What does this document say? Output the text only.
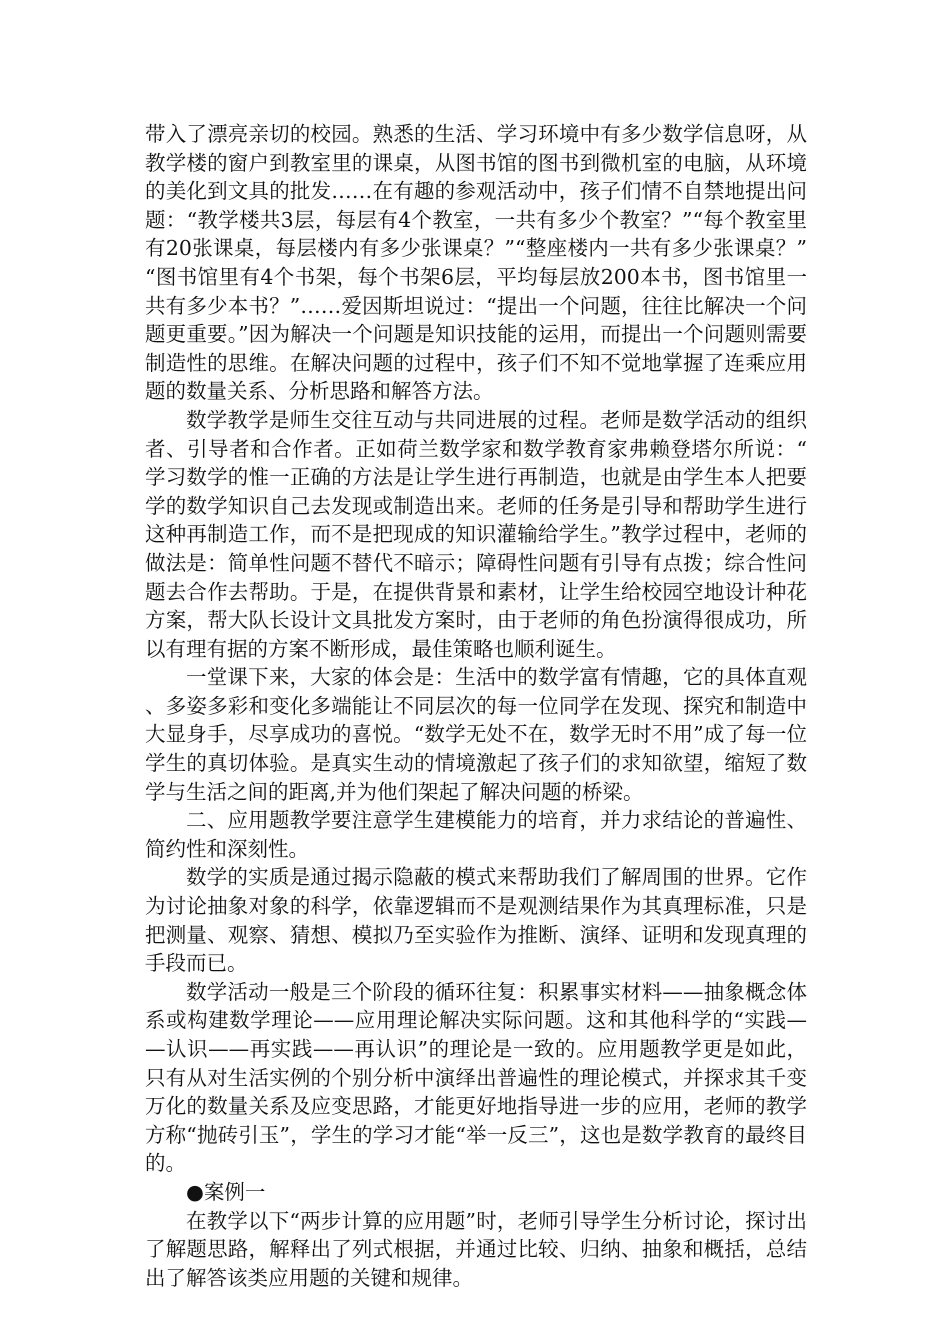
带入了漂亮亲切的校园。熟悉的生活、学习环境中有多少数学信息呀，从教学楼的窗户到教室里的课桌，从图书馆的图书到微机室的电脑，从环境的美化到文具的批发……在有趣的参观活动中，孩子们情不自禁地提出问题：“教学楼共3层，每层有4个教室，一共有多少个教室？”“每个教室里有20张课桌，每层楼内有多少张课桌？”“整座楼内一共有多少张课桌？”“图书馆里有4个书架，每个书架6层，平均每层放200本书，图书馆里一共有多少本书？”……爱因斯坦说过：“提出一个问题，往往比解决一个问题更重要。”因为解决一个问题是知识技能的运用，而提出一个问题则需要制造性的思维。在解决问题的过程中，孩子们不知不觉地掌握了连乘应用题的数量关系、分析思路和解答方法。

数学教学是师生交往互动与共同进展的过程。老师是数学活动的组织者、引导者和合作者。正如荷兰数学家和数学教育家弗赖登塔尔所说：“学习数学的惟一正确的方法是让学生进行再制造，也就是由学生本人把要学的数学知识自己去发现或制造出来。老师的任务是引导和帮助学生进行这种再制造工作，而不是把现成的知识灌输给学生。”教学过程中，老师的做法是：简单性问题不替代不暗示；障碍性问题有引导有点拨；综合性问题去合作去帮助。于是，在提供背景和素材，让学生给校园空地设计种花方案，帮大队长设计文具批发方案时，由于老师的角色扮演得很成功，所以有理有据的方案不断形成，最佳策略也顺利诞生。

一堂课下来，大家的体会是：生活中的数学富有情趣，它的具体直观、多姿多彩和变化多端能让不同层次的每一位同学在发现、探究和制造中大显身手，尽享成功的喜悦。“数学无处不在，数学无时不用”成了每一位学生的真切体验。是真实生动的情境激起了孩子们的求知欲望，缩短了数学与生活之间的距离,并为他们架起了解决问题的桥梁。

二、应用题教学要注意学生建模能力的培育，并力求结论的普遍性、简约性和深刻性。

数学的实质是通过揭示隐蔽的模式来帮助我们了解周围的世界。它作为讨论抽象对象的科学，依靠逻辑而不是观测结果作为其真理标准，只是把测量、观察、猜想、模拟乃至实验作为推断、演绎、证明和发现真理的手段而已。

数学活动一般是三个阶段的循环往复：积累事实材料——抽象概念体系或构建数学理论——应用理论解决实际问题。这和其他科学的“实践——认识——再实践——再认识”的理论是一致的。应用题教学更是如此，只有从对生活实例的个别分析中演绎出普遍性的理论模式，并探求其千变万化的数量关系及应变思路，才能更好地指导进一步的应用，老师的教学方称“抛砖引玉”，学生的学习才能“举一反三”，这也是数学教育的最终目的。

●案例一

在教学以下“两步计算的应用题”时，老师引导学生分析讨论，探讨出了解题思路，解释出了列式根据，并通过比较、归纳、抽象和概括，总结出了解答该类应用题的关键和规律。
